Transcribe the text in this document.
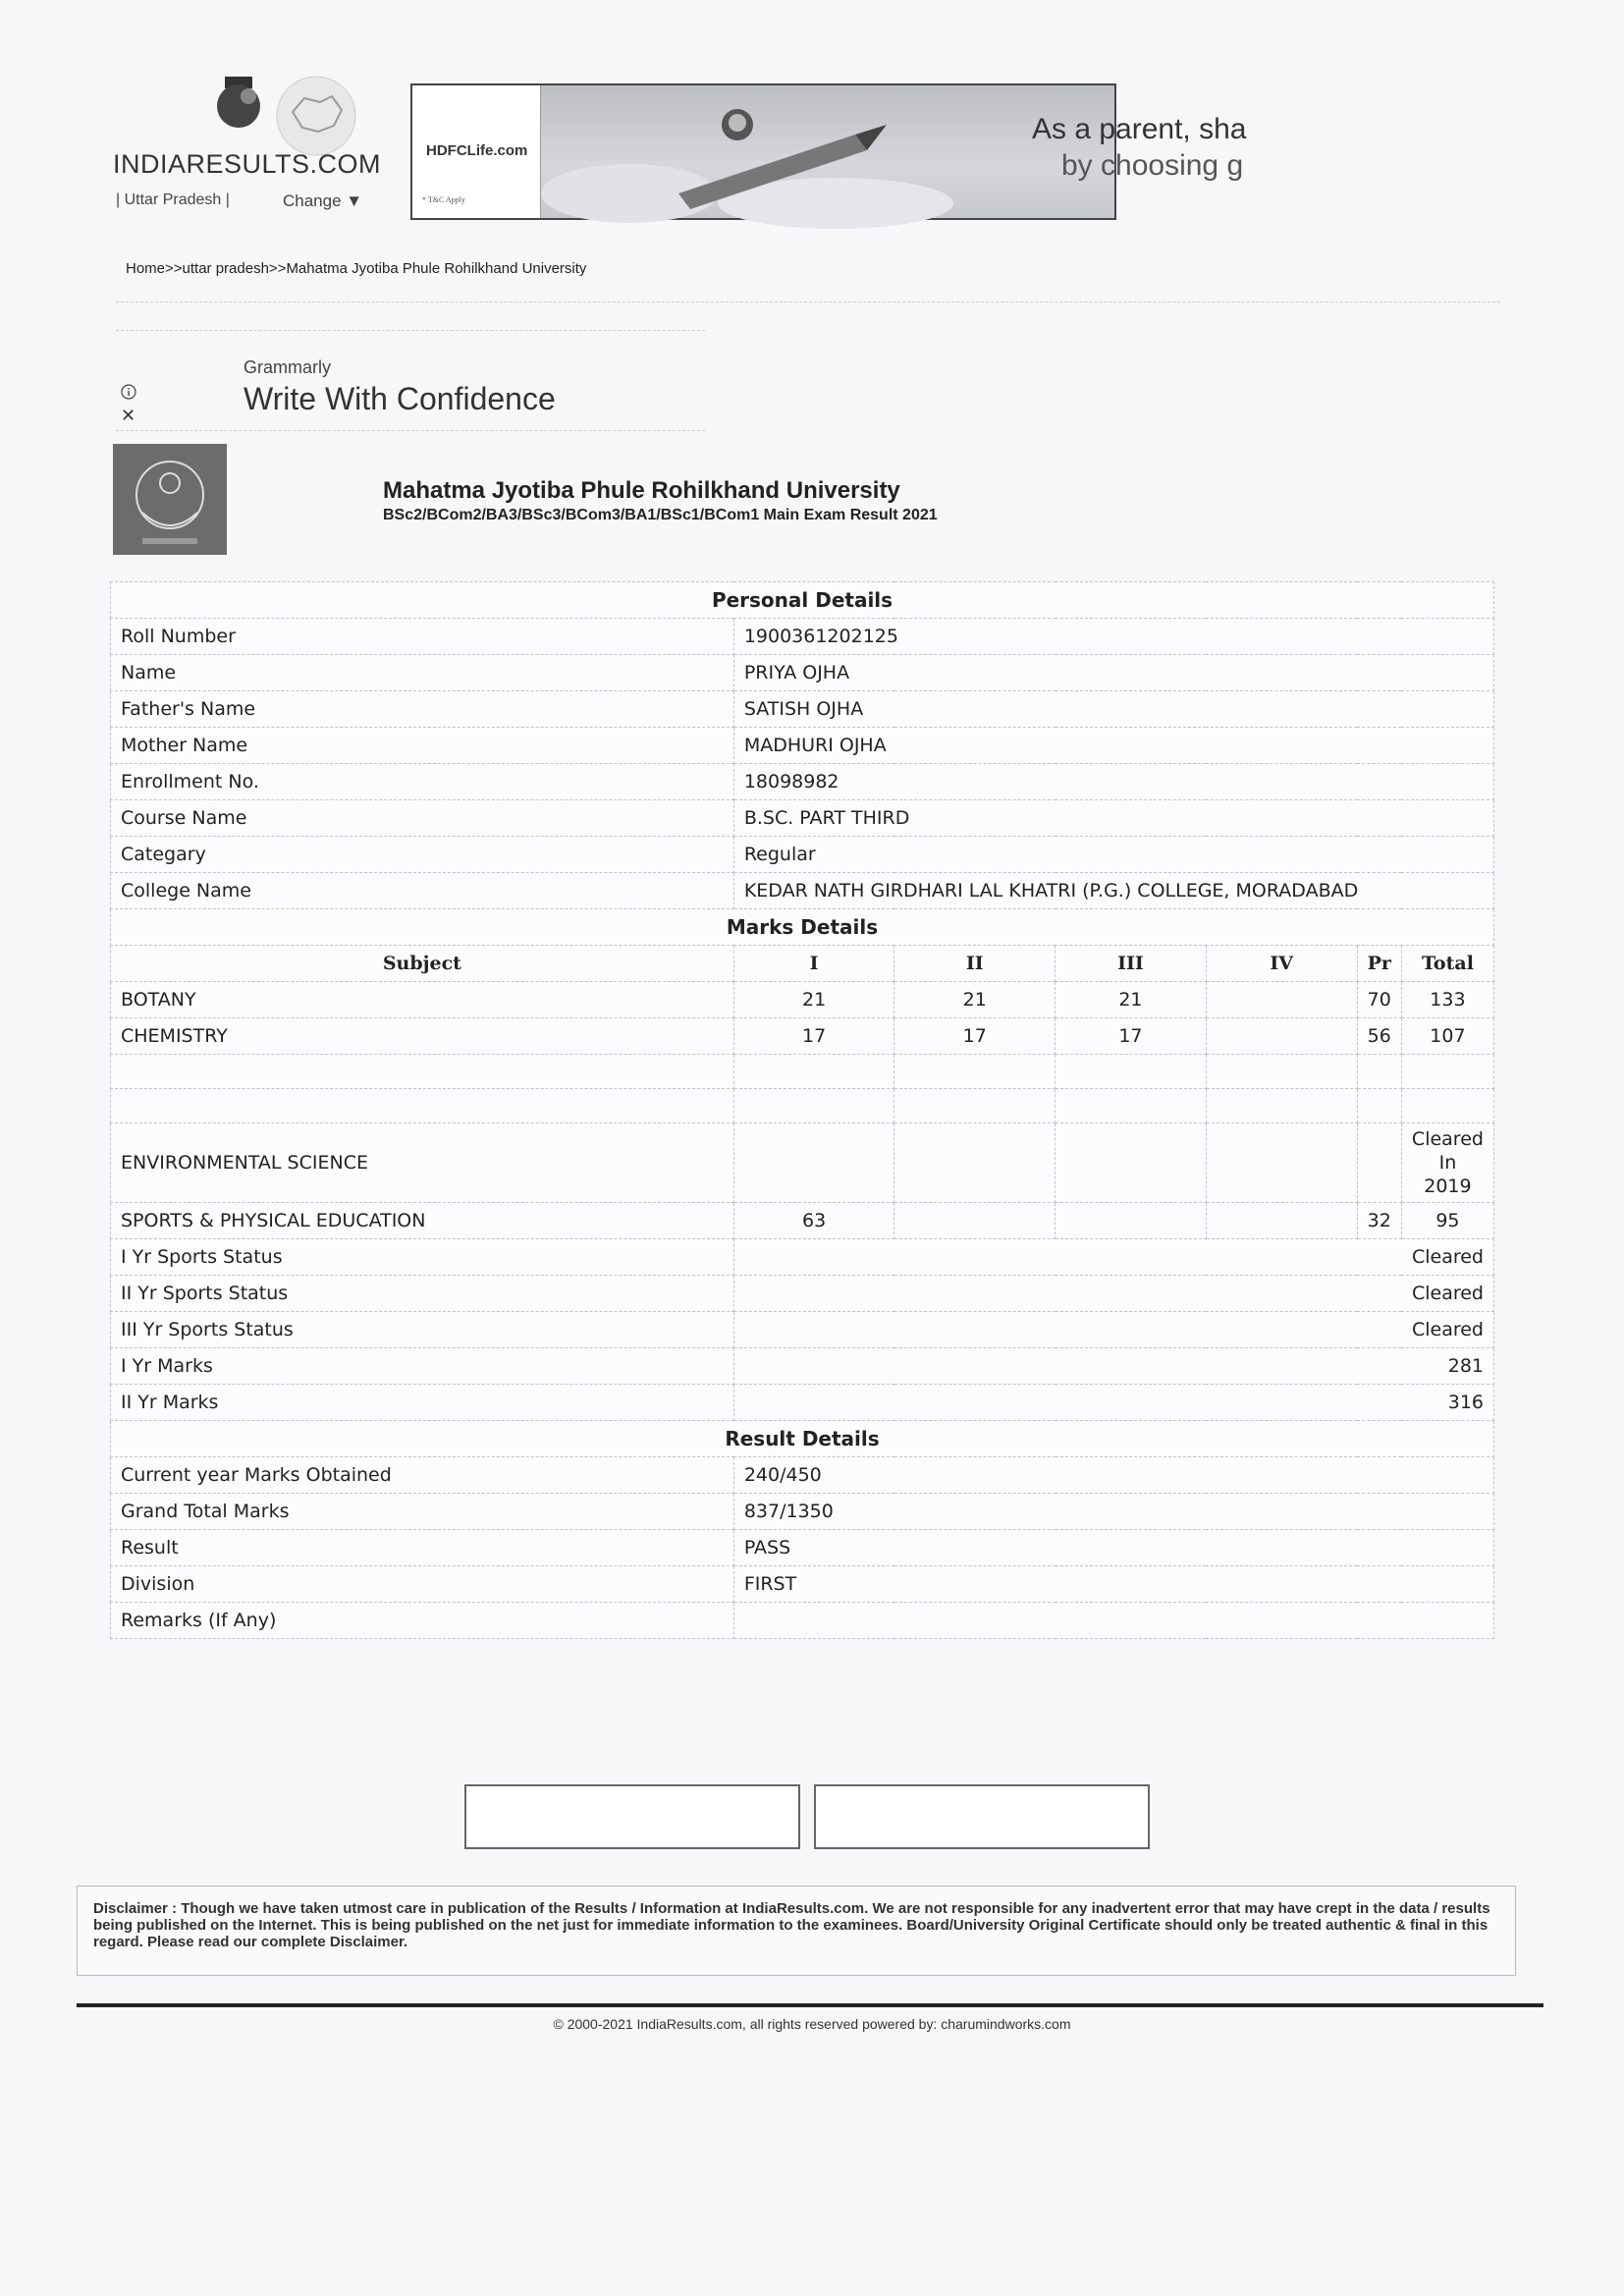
INDIARESULTS.COM
| Uttar Pradesh |	Change ▼
HDFCLife.com
* T&C Apply
As a parent, sha
by choosing g
Home>>uttar pradesh>>Mahatma Jyotiba Phule Rohilkhand University
Grammarly
Write With Confidence
✕
Mahatma Jyotiba Phule Rohilkhand University
BSc2/BCom2/BA3/BSc3/BCom3/BA1/BSc1/BCom1 Main Exam Result 2021
Personal Details						
Roll Number	1900361202125					
Name	PRIYA OJHA					
Father's Name	SATISH OJHA					
Mother Name	MADHURI OJHA					
Enrollment No.	18098982					
Course Name	B.SC. PART THIRD					
Categary	Regular					
College Name	KEDAR NATH GIRDHARI LAL KHATRI (P.G.) COLLEGE, MORADABAD					
Marks Details						
Subject	I	II	III	IV	Pr	Total
BOTANY	21	21	21		70	133
CHEMISTRY	17	17	17		56	107

ENVIRONMENTAL SCIENCE						Cleared
In
2019

SPORTS & PHYSICAL EDUCATION	63				32	95
I Yr Sports Status	Cleared					
II Yr Sports Status	Cleared					
III Yr Sports Status	Cleared					
I Yr Marks	281					
II Yr Marks	316					
Result Details						
Current year Marks Obtained	240/450					
Grand Total Marks	837/1350					
Result	PASS					
Division	FIRST					
Remarks (If Any)						
Disclaimer : Though we have taken utmost care in publication of the Results / Information at IndiaResults.com. We are not responsible for any inadvertent error that may have crept in the data / results being published on the Internet. This is being published on the net just for immediate information to the examinees. Board/University Original Certificate should only be treated authentic & final in this regard. Please read our complete Disclaimer.
© 2000-2021 IndiaResults.com, all rights reserved powered by: charumindworks.com
